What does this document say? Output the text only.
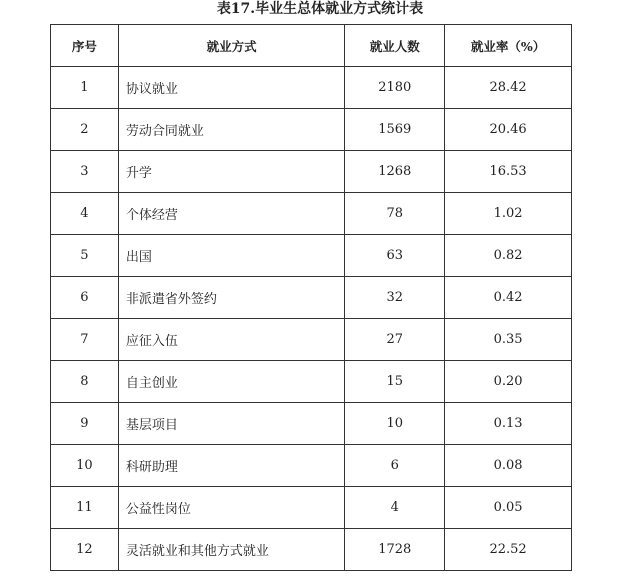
表17.毕业生总体就业方式统计表
序号	就业方式	就业人数	就业率（%）
1	协议就业	2180	28.42
2	劳动合同就业	1569	20.46
3	升学	1268	16.53
4	个体经营	78	1.02
5	出国	63	0.82
6	非派遣省外签约	32	0.42
7	应征入伍	27	0.35
8	自主创业	15	0.20
9	基层项目	10	0.13
10	科研助理	6	0.08
11	公益性岗位	4	0.05
12	灵活就业和其他方式就业	1728	22.52
